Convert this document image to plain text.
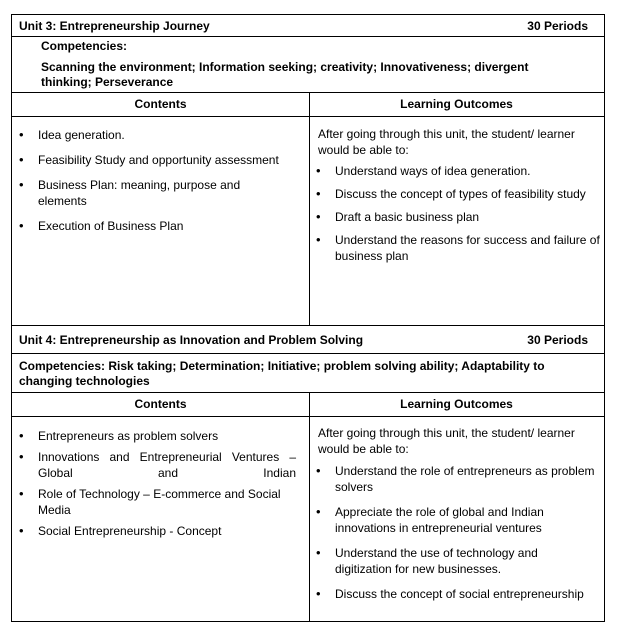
Unit 3: Entrepreneurship Journey	30 Periods
Competencies:
Scanning the environment; Information seeking; creativity; Innovativeness; divergent thinking; Perseverance
Contents	Learning Outcomes
• Idea generation.
• Feasibility Study and opportunity assessment
• Business Plan: meaning, purpose and elements
• Execution of Business Plan
After going through this unit, the student/ learner would be able to:
• Understand ways of idea generation.
• Discuss the concept of types of feasibility study
• Draft a basic business plan
• Understand the reasons for success and failure of business plan
Unit 4: Entrepreneurship as Innovation and Problem Solving	30 Periods
Competencies: Risk taking; Determination; Initiative; problem solving ability; Adaptability to changing technologies
Contents	Learning Outcomes
• Entrepreneurs as problem solvers
• Innovations and Entrepreneurial Ventures – Global and Indian
• Role of Technology – E-commerce and Social Media
• Social Entrepreneurship - Concept
After going through this unit, the student/ learner would be able to:
• Understand the role of entrepreneurs as problem solvers
• Appreciate the role of global and Indian innovations in entrepreneurial ventures
• Understand the use of technology and digitization for new businesses.
• Discuss the concept of social entrepreneurship
